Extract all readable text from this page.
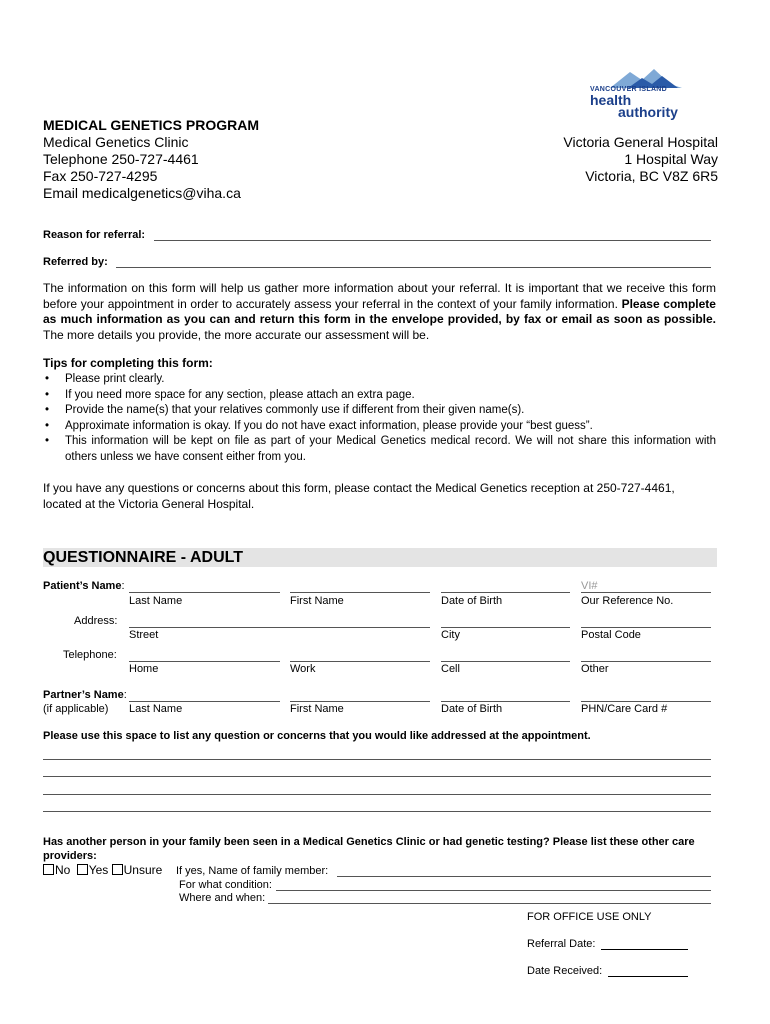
VANCOUVER ISLAND
health
authority
MEDICAL GENETICS PROGRAM
Medical Genetics Clinic
Telephone 250-727-4461
Fax 250-727-4295
Email medicalgenetics@viha.ca
Victoria General Hospital
1 Hospital Way
Victoria, BC V8Z 6R5
Reason for referral:
Referred by:
The information on this form will help us gather more information about your referral. It is important that we receive this form before your appointment in order to accurately assess your referral in the context of your family information. Please complete as much information as you can and return this form in the envelope provided, by fax or email as soon as possible. The more details you provide, the more accurate our assessment will be.
Tips for completing this form:
• Please print clearly.
• If you need more space for any section, please attach an extra page.
• Provide the name(s) that your relatives commonly use if different from their given name(s).
• Approximate information is okay. If you do not have exact information, please provide your “best guess”.
• This information will be kept on file as part of your Medical Genetics medical record. We will not share this information with others unless we have consent either from you.
If you have any questions or concerns about this form, please contact the Medical Genetics reception at 250-727-4461, located at the Victoria General Hospital.
QUESTIONNAIRE - ADULT
Patient’s Name:	VI#
Last Name	First Name	Date of Birth	Our Reference No.
Address:
Street	City	Postal Code
Telephone:
Home	Work	Cell	Other
Partner’s Name:
(if applicable) Last Name	First Name	Date of Birth	PHN/Care Card #
Please use this space to list any question or concerns that you would like addressed at the appointment.
Has another person in your family been seen in a Medical Genetics Clinic or had genetic testing? Please list these other care providers:
No Yes Unsure If yes, Name of family member:
For what condition:
Where and when:
FOR OFFICE USE ONLY
Referral Date:
Date Received:
